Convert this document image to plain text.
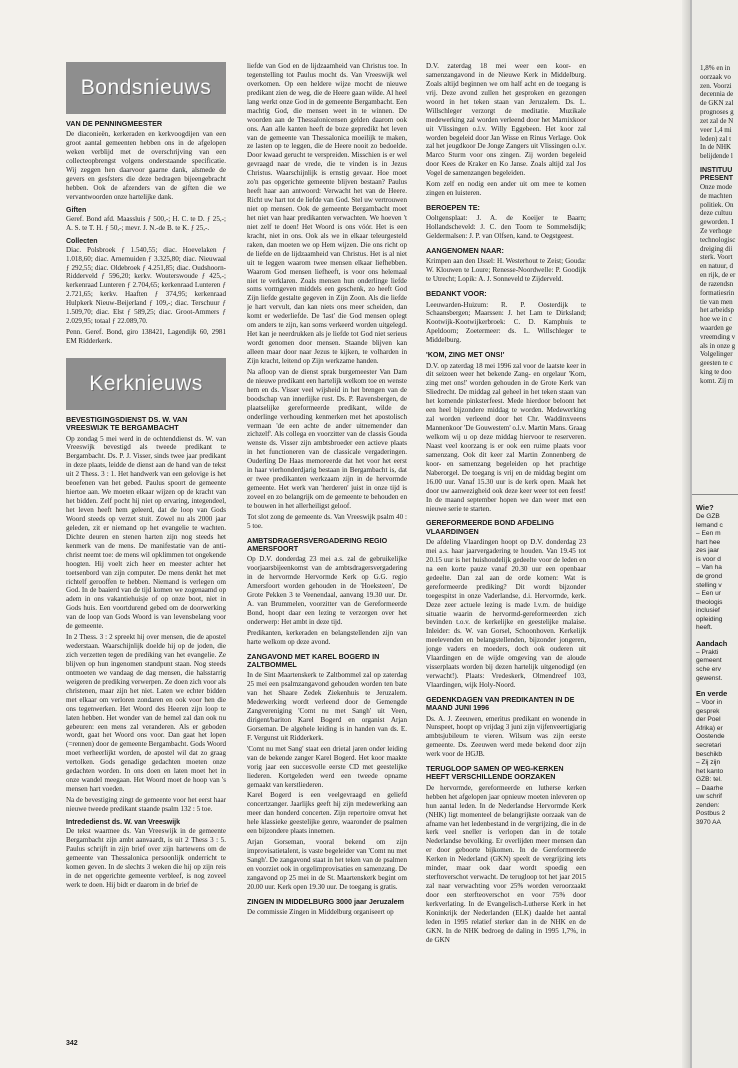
Bondsnieuws
VAN DE PENNINGMEESTER

De diaconieën, kerkeraden en kerkvoogdijen van een groot aantal gemeenten hebben ons in de afgelopen weken verblijd met de overschrijving van een collecteopbrengst volgens onderstaande specificatie. Wij zeggen hen daarvoor gaarne dank, alsmede de gevers en gesfsters die deze bedragen bijeengebracht hebben. Ook de afzenders van de giften die we vervantwoorden onze hartelijke dank.

Giften

Geref. Bond afd. Maassluis ƒ 500,-; H. C. te D. ƒ 25,-; A. S. te T. H. ƒ 50,-; mevr. J. N.-de B. te K. ƒ 25,-.

Collecten

Diac. Polsbroek ƒ 1.540,55; diac. Hoevelaken ƒ 1.018,60; diac. Arnemuiden ƒ 3.325,80; diac. Nieuwaal ƒ 292,55; diac. Oldebroek ƒ 4.251,85; diac. Oudshoorn-Ridderveld ƒ 596,20; kerkv. Wouterswoude ƒ 425,-; kerkenraad Lunteren ƒ 2.704,65; kerkenraad Lunteren ƒ 2.721,65; kerkv. Haaften ƒ 374,95; kerkenraad Hulpkerk Nieuw-Beijerland ƒ 109,-; diac. Terschuur ƒ 1.509,70; diac. Elst ƒ 589,25; diac. Groot-Ammers ƒ 2.029,95; totaal ƒ 22.089,70.

Penn. Geref. Bond, giro 138421, Lagendijk 60, 2981 EM Ridderkerk.

Kerknieuws
BEVESTIGINGSDIENST DS. W. VAN VREESWIJK TE BERGAMBACHT

Op zondag 5 mei werd in de ochtenddienst ds. W. van Vreeswijk bevestigd als tweede predikant te Bergambacht. Ds. P. J. Visser, sinds twee jaar predikant in deze plaats, leidde de dienst aan de hand van de tekst uit 2 Thess. 3 : 1. Het handwerk van een gelovige is het beoefenen van het gebed. Paulus spoort de gemeente hiertoe aan. We moeten elkaar wijzen op de kracht van het bidden. Zelf pocht hij niet op ervaring, integendeel, het leven heeft hem geleerd, dat de loop van Gods Woord steeds op verzet stuit. Zowel nu als 2000 jaar geleden, zit er niemand op het evangelie te wachten. Dichte deuren en stenen harten zijn nog steeds het kenmerk van de mens. De manifestatie van de anti-christ neemt toe: de mens wil opklimmen tot ongekende hoogten. Hij voelt zich heer en meester achter het toetsenbord van zijn computer. De mens denkt het met richtelf gerooffen te hebben. Niemand is verlegen om God. In de baaierd van de tijd komen we zogenaamd op adem in ons vakantiehuisje of op onze boot, niet in Gods huis. Een voortdurend gebed om de doorwerking van de loop van Gods Woord is van levensbelang voor de gemeente.

In 2 Thess. 3 : 2 spreekt hij over mensen, die de apostel wederstaan. Waarschijnlijk doelde hij op de joden, die zich verzetten tegen de prediking van het evangelie. Ze blijven op hun ingenomen standpunt staan. Nog steeds ontmoeten we vandaag de dag mensen, die halsstarrig weigeren de prediking verwerpen. Ze doen zich voor als christenen, maar zijn het niet. Laten we echter bidden met elkaar om verloren zondaren en ook voor hen die ons tegenwerken. Het Woord des Heeren zijn loop te laten hebben. Het wonder van de hemel zal dan ook nu gebeuren: een mens zal veranderen. Als er geboden wordt, gaat het Woord ons voor. Dan gaat het lopen (=rennen) door de gemeente Bergambacht. Gods Woord moet verheerlijkt worden, de apostel wil dat zo graag vertolken. Gods genadige gedachten moeten onze gedachten worden. In ons doen en laten moet het in onze wandel meegaan. Het Woord moet de hoop van 's mensen hart voeden.

Na de bevestiging zingt de gemeente voor het eerst haar nieuwe tweede predikant staande psalm 132 : 5 toe.

Intrededienst ds. W. van Vreeswijk

De tekst waarmee ds. Van Vreeswijk in de gemeente Bergambacht zijn ambt aanvaardt, is uit 2 Thess 3 : 5. Paulus schrijft in zijn brief over zijn hartewens om de gemeente van Thessalonica persoonlijk onderricht te komen geven. In de slechts 3 weken die hij op zijn reis in de net opgerichte gemeente verbleef, is nog zoveel werk te doen. Hij bidt er daarom in de brief de

liefde van God en de lijdzaamheid van Christus toe. In tegenstelling tot Paulus mocht ds. Van Vreeswijk wel overkomen. Op een heldere wijze mocht de nieuwe predikant zien de weg, die de Heere gaan wilde. Al heel lang werkt onze God in de gemeente Bergambacht. Een machtig God, die mensen weet in te winnen. De woorden aan de Thessalonicensen gelden daarom ook ons. Aan alle kanten heeft de boze gepredikt het leven van de gemeente van Thessalonica moeilijk te maken, ze lasten op te leggen, die de Heere nooit zo bedoelde. Door kwaad gerucht te verspreiden. Misschien is er wel gevraagd naar de vrede, die te vinden is in Jezus Christus. Waarschijnlijk is ernstig gevaar. Hoe moet zo'n pas opgerichte gemeente blijven bestaan? Paulus heeft haar aan antwoord: Verwacht het van de Heere. Richt uw hart tot de liefde van God. Stel uw vertrouwen niet op mensen. Ook de gemeente Bergambacht moet het niet van haar predikanten verwachten. We hoeven 't niet zelf te doen! Het Woord is ons vóór. Het is een kracht, niet in ons. Ook als we in elkaar teleurgesteld raken, dan moeten we op Hem wijzen. Die ons richt op de liefde en de lijdzaamheid van Christus. Het is al niet uit te leggen waarom twee mensen elkaar liefhebben. Waarom God mensen liefheeft, is voor ons helemaal niet te verklaren. Zoals mensen hun onderlinge liefde soms vormgeven middels een geschenk, zo heeft God Zijn liefde gestalte gegeven in Zijn Zoon. Als die liefde je hart vervult, dan kan niets ons meer scheiden, dan komt er wederliefde. De 'last' die God mensen oplegt om anders te zijn, kan soms verkeerd worden uitgelegd. Het kan je neerdrukken als je liefde tot God niet serieus wordt genomen door mensen. Staande blijven kan alleen maar door naar Jezus te kijken, te volharden in Zijn kracht, leitend op Zijn werkzame handen.

Na afloop van de dienst sprak burgemeester Van Dam de nieuwe predikant een hartelijk welkom toe en wenste hem en ds. Visser veel wijsheid in het brengen van de boodschap van innerlijke rust. Ds. P. Ravensbergen, de plaatselijke gereformeerde predikant, wilde de onderlinge verhouding kenmerken met het apostolisch vermaan 'de een achte de ander uitnemender dan zichzelf'. Als collega en voorzitter van de classis Gouda wenste ds. Visser zijn ambtsbroeder een actieve plaats in het functioneren van de classicale vergaderingen. Ouderling De Haas memoreerde dat het voor het eerst in haar vierhonderdjarig bestaan in Bergambacht is, dat er twee predikanten werkzaam zijn in de hervormde gemeente. Het werk van 'herderen' juist in onze tijd is zoveel en zo belangrijk om de gemeente te behouden en te bouwen in het allerheiligst geloof.

Tot slot zong de gemeente ds. Van Vreeswijk psalm 40 : 5 toe.

AMBTSDRAGERSVERGADERING REGIO AMERSFOORT

Op D.V. donderdag 23 mei a.s. zal de gebruikelijke voorjaarsbijeenkomst van de ambtsdragersvergadering in de hervormde Hervormde Kerk op G.G. regio Amersfoort worden gehouden in de 'Hoeksteen', De Grote Pekken 3 te Veenendaal, aanvang 19.30 uur. Dr. A. van Brummelen, voorzitter van de Gereformeerde Bond, hoopt daar een lezing te verzorgen over het onderwerp: Het ambt in deze tijd.

Predikanten, kerkeraden en belangstellenden zijn van harte welkom op deze avond.

ZANGAVOND MET KAREL BOGERD IN ZALTBOMMEL

In de Sint Maartenskerk te Zaltbommel zal op zaterdag 25 mei een psalmzangavond gehouden worden ten bate van het Shaare Zedek Ziekenhuis te Jeruzalem. Medewerking wordt verleend door de Gemengde Zangvereniging 'Comt nu met Sangh' uit Veen, dirigent/bariton Karel Bogerd en organist Arjan Gorseman. De algehele leiding is in handen van ds. E. F. Vergunst uit Ridderkerk.

'Comt nu met Sang' staat een drietal jaren onder leiding van de bekende zanger Karel Bogerd. Het koor maakte vorig jaar een succesvolle eerste CD met geestelijke liederen. Kortgeleden werd een tweede opname gemaakt van kerstliederen.

Karel Bogerd is een veelgevraagd en geliefd concertzanger. Jaarlijks geeft hij zijn medewerking aan meer dan honderd concerten. Zijn repertoire omvat het hele klassieke geestelijke genre, waaronder de psalmen een bijzondere plaats innemen.

Arjan Gorseman, vooral bekend om zijn improvisatietalent, is vaste begeleider van 'Comt nu met Sangh'. De zangavond staat in het teken van de psalmen en voorziet ook in orgelimprovisaties en samenzang. De zangavond op 25 mei in de St. Maartenskerk begint om 20.00 uur. Kerk open 19.30 uur. De toegang is gratis.

ZINGEN IN MIDDELBURG 3000 jaar Jeruzalem

De commissie Zingen in Middelburg organiseert op

D.V. zaterdag 18 mei weer een koor- en samenzangavond in de Nieuwe Kerk in Middelburg. Zoals altijd beginnen we om half acht en de toegang is vrij. Deze avond zullen het gesproken en gezongen woord in het teken staan van Jeruzalem. Ds. L. Willschleger verzorgt de meditatie. Muzikale medewerking zal worden verleend door het Marnixkoor uit Vlissingen o.l.v. Willy Eggebeen. Het koor zal worden begeleid door Jan Wisse en Rinus Verlage. Ook zal het jeugdkoor De Jonge Zangers uit Vlissingen o.l.v. Marco Sturm voor ons zingen. Zij worden begeleid door Kees de Kraker en Ko Janse. Zoals altijd zal Jos Vogel de samenzangen begeleiden.

Kom zelf en nodig een ander uit om mee te komen zingen en luisteren.

BEROEPEN TE:

Ooltgensplaat: J. A. de Koeijer te Baarn; Hollandscheveld: J. C. den Toom te Sommelsdijk; Geldermalsen: J. P. van Olfsen, kand. te Oegstgeest.

AANGENOMEN NAAR:

Krimpen aan den IJssel: H. Westerhout te Zeist; Gouda: W. Klouwen te Loure; Renesse-Noordwelle: P. Goodijk te Utrecht; Lopik: A. J. Sonneveld te Zijderveld.

BEDANKT VOOR:

Leeuwarden-Huizum: R. P. Oosterdijk te Schaansbergen; Maarssen: J. het Lam te Dirksland; Kootwijk-Kootwijkerbroek: C. D. Kamphuis te Apeldoorn; Zoetermeer: ds. L. Willschleger te Middelburg.

'KOM, ZING MET ONS!'

D.V. op zaterdag 18 mei 1996 zal voor de laatste keer in dit seizoen weer het bekende Zang- en orgelaur 'Kom, zing met ons!' worden gehouden in de Grote Kerk van Sliedrecht. De middag zal geheel in het teken staan van het komende pinksterfeest. Mede hierdoor beloont het een heel bijzondere middag te worden. Medewerking zal worden verleend door het Chr. Waddinxveens Mannenkoor 'De Gouwestem' o.l.v. Martin Mans. Graag welkom wij u op deze middag hiervoor te reserveren. Naast veel koorzang is er ook een ruime plaats voor samenzang. Ook dit keer zal Martin Zonnenberg de koor- en samenzang begeleiden op het prachtige Naberorgel. De toegang is vrij en de middag begint om 16.00 uur. Vanaf 15.30 uur is de kerk open. Maak het door uw aanwezigheid ook deze keer weer tot een feest! In de maand september hopen we dan weer met een nieuwe serie te starten.

GEREFORMEERDE BOND AFDELING VLAARDINGEN

De afdeling Vlaardingen hoopt op D.V. donderdag 23 mei a.s. haar jaarvergadering te houden. Van 19.45 tot 20.15 uur is het huishoudelijk gedeelte voor de leden en na een korte pauze vanaf 20.30 uur een openbaar gedeelte. Dan zal aan de orde komen: Wat is gereformeerde prediking? Dit wordt bijzonder toegespitst in onze Vaderlandse, d.i. Hervormde, kerk. Deze zeer actuele lezing is made l.v.m. de huidige situatie waarin de hervormd-gereformeerden zich bevinden t.o.v. de kerkelijke en geestelijke malaise. Inleider: ds. W. van Gorsel, Schoonhoven. Kerkelijk meelevenden en belangstellenden, bijzonder jongeren, jonge vaders en moeders, doch ook ouderen uit Vlaardingen en de wijde omgeving van de aloude visserplaats worden bij dezen hartelijk uitgenodigd (en verwacht!). Plaats: Vredeskerk, Olmendreef 103, Vlaardingen, wijk Holy-Noord.

GEDENKDAGEN VAN PREDIKANTEN IN DE MAAND JUNI 1996

Ds. A. J. Zeeuwen, emeritus predikant en wonende in Nunspeet, hoopt op vrijdag 3 juni zijn vijfenveertigjarig ambtsjubileum te vieren. Wilsum was zijn eerste gemeente. Ds. Zeeuwen werd mede bekend door zijn werk voor de HGJB.

TERUGLOOP SAMEN OP WEG-KERKEN HEEFT VERSCHILLENDE OORZAKEN

De hervormde, gereformeerde en lutherse kerken hebben het afgelopen jaar opnieuw moeten inleveren op hun aantal leden. In de Nederlandse Hervormde Kerk (NHK) ligt momenteel de belangrijkste oorzaak van de afname van het ledenbestand in de vergrijzing, die in de kerk veel sneller is verlopen dan in de totale Nederlandse bevolking. Er overlijden meer mensen dan er door geboorte bijkomen. In de Gereformeerde Kerken in Nederland (GKN) speelt de vergrijzing iets minder, maar ook daar wordt spoedig een sterftoverschot verwacht. De terugloop tot het jaar 2015 zal naar verwachting voor 25% worden veroorzaakt door een sterfteoverschot en voor 75% door kerkverlating. In de Evangelisch-Lutherse Kerk in het Koninkrijk der Nederlanden (ELK) daalde het aantal leden in 1995 relatief sterker dan in de NHK en de GKN. In de NHK bedroeg de daling in 1995 1,7%, in de GKN

342
1,8% en in
oorzaak vo
zen. Voorzi
decennia de
de GKN zal
prognoses g
zet zal de N
veer 1,4 mi
leden) zal t
In de NHK
belijdende l
INSTITUU
PRESENT
Onze mode
de machten
politiek. On
deze cultuu
geworden. I
Ze verhoge
technologisc
dreiging dii
sterk. Voort
en natuur, d
en rijk, de er
de razendsn
formatiesrin
tie van men
het arbeidsp
hoe we in c
waarden ge
vreemding v
als in onze g
Volgelinger
geesten te c
king te doo
komt. Zij m
Wie?
De GZB
lemand c
– Een m
hart hee
zes jaar
is voor d
– Van ha
de grond
stelling v
– Een ur
theologis
inclusief
opleiding
heeft.
Aandach
– Prakti
gemeent
sche erv
gewenst.
En verde
– Voor in
gesprek
der Poel
Afrika) er
Oostende
secretari
beschikb
– Zij zijn
het kanto
GZB: tel.
– Daarhe
uw schrif
zenden:
Postbus 2
3970 AA
